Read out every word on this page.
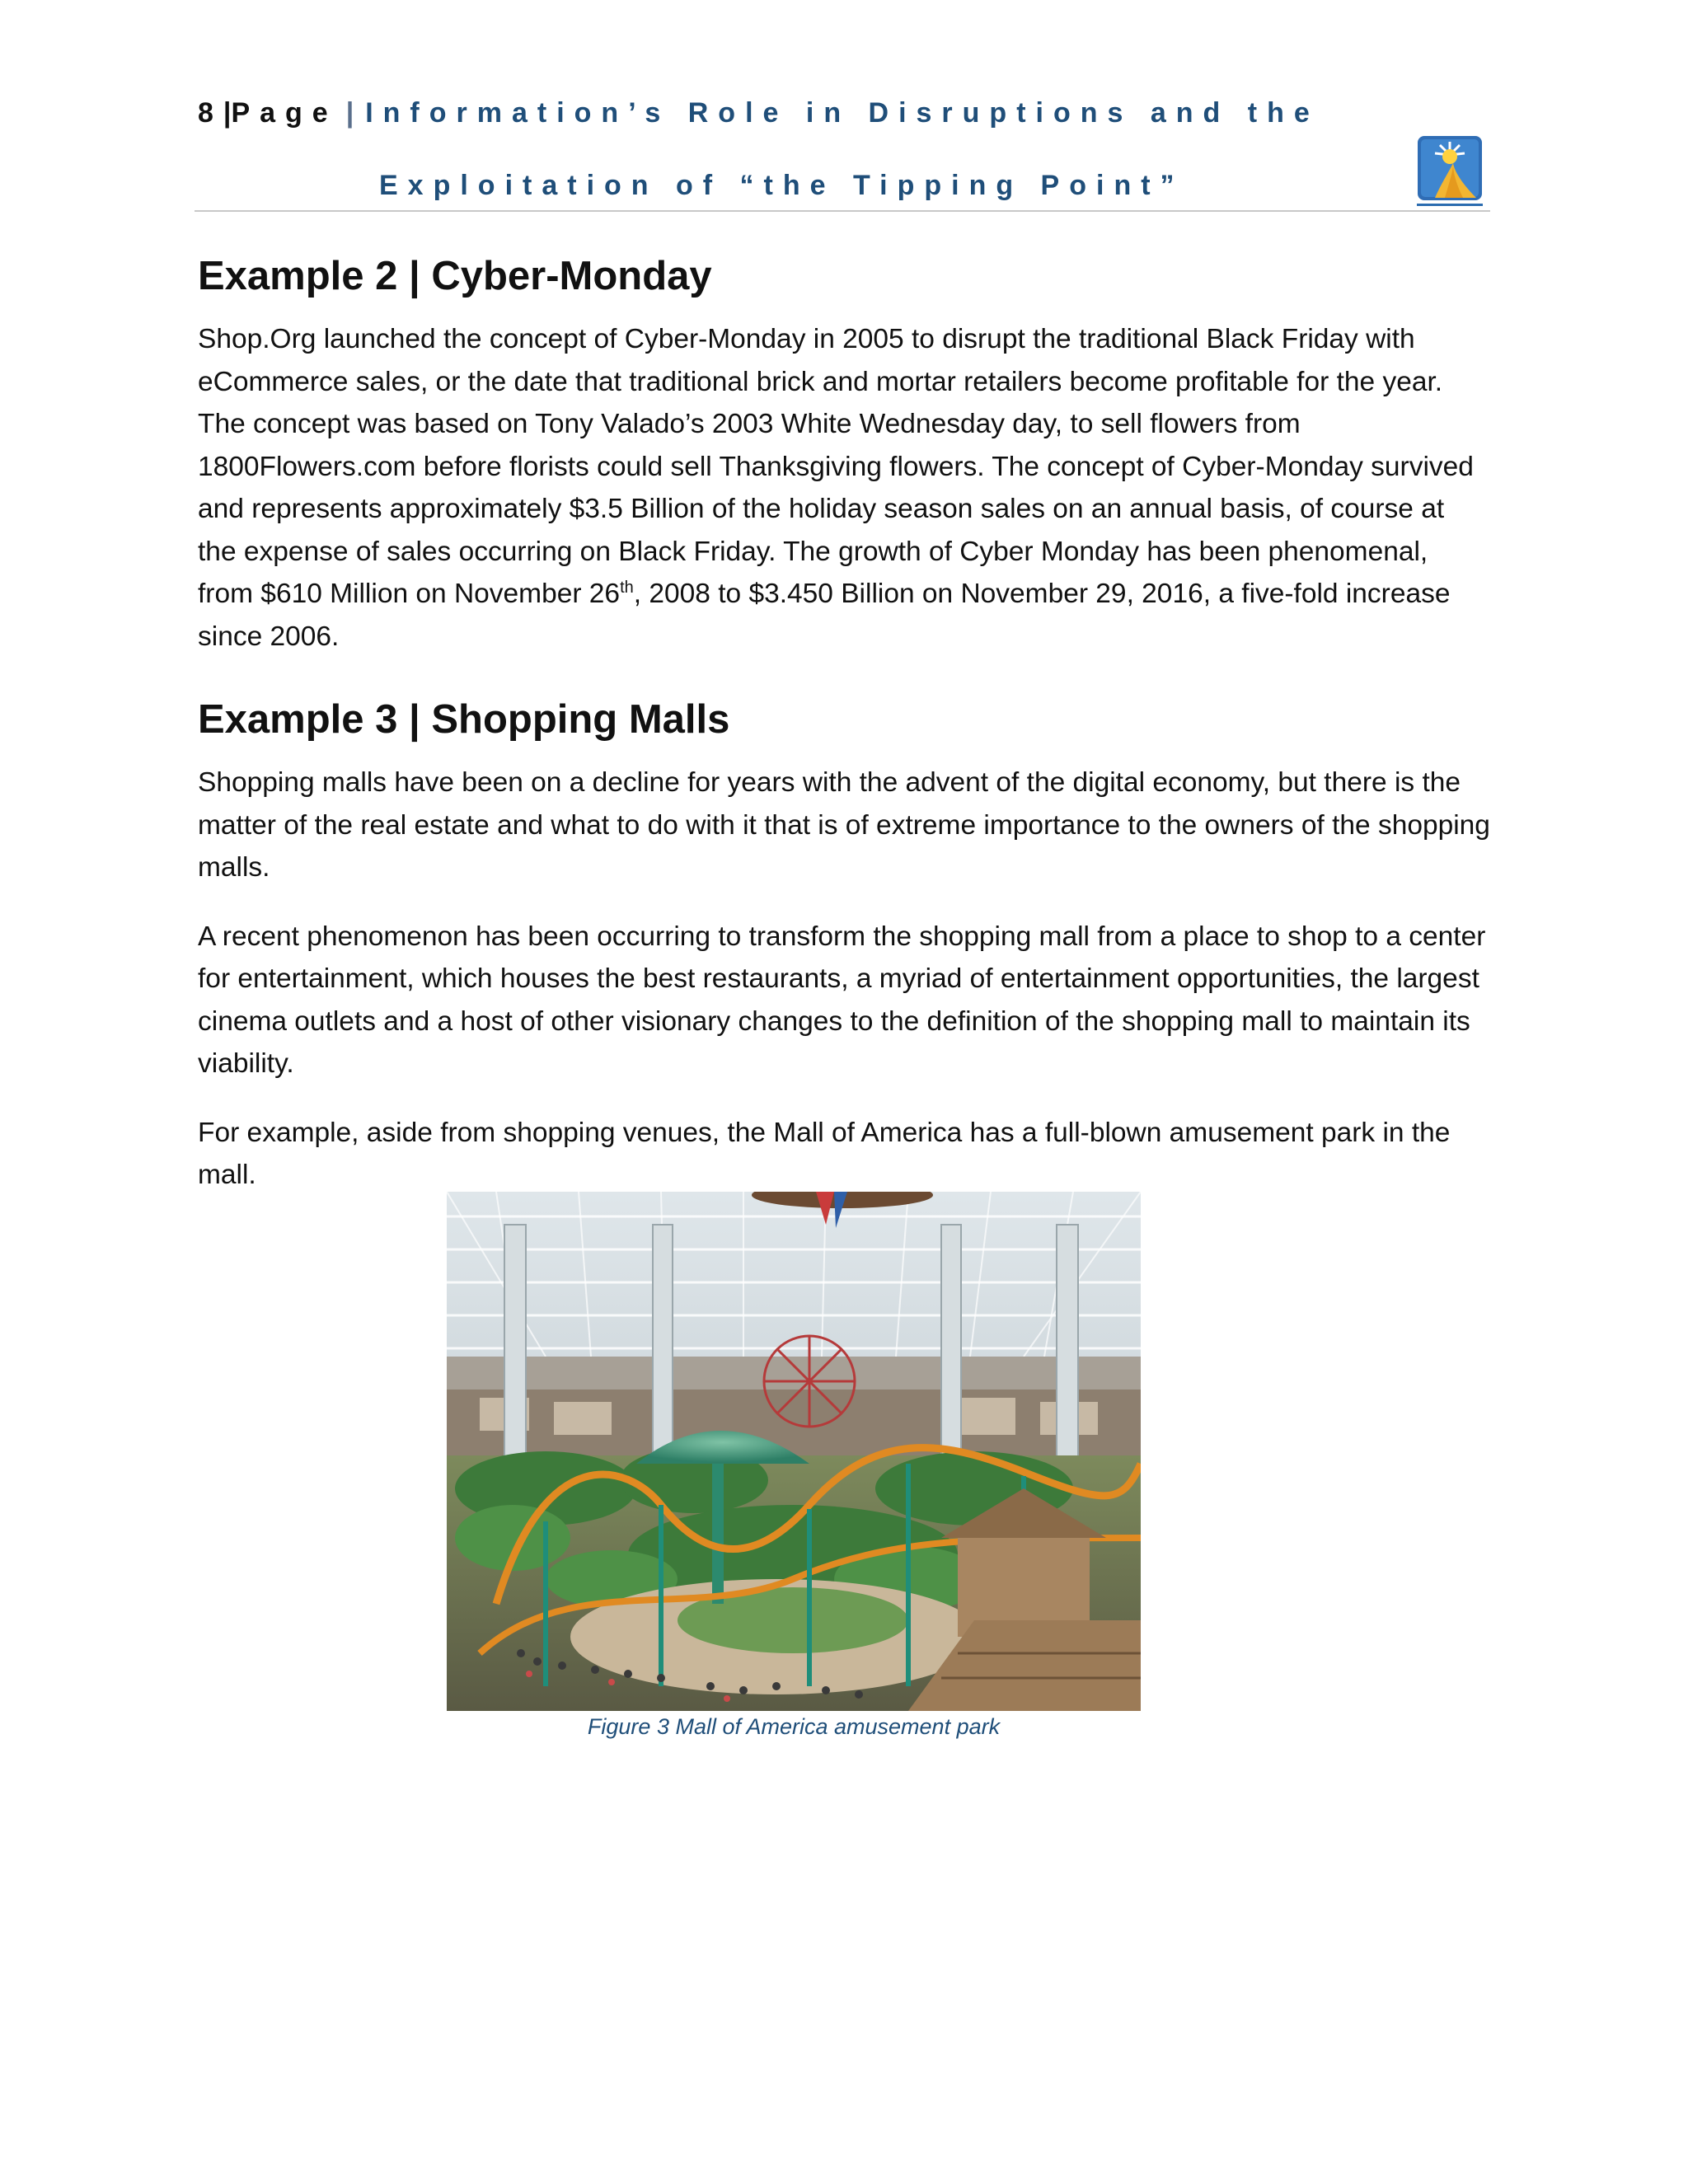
8|Page | Information’s Role in Disruptions and the
Exploitation of “the Tipping Point”
Example 2 | Cyber-Monday

Shop.Org launched the concept of Cyber-Monday in 2005 to disrupt the traditional Black Friday with eCommerce sales, or the date that traditional brick and mortar retailers become profitable for the year. The concept was based on Tony Valado’s 2003 White Wednesday day, to sell flowers from 1800Flowers.com before florists could sell Thanksgiving flowers. The concept of Cyber-Monday survived and represents approximately $3.5 Billion of the holiday season sales on an annual basis, of course at the expense of sales occurring on Black Friday. The growth of Cyber Monday has been phenomenal, from $610 Million on November 26th, 2008 to $3.450 Billion on November 29, 2016, a five-fold increase since 2006.

Example 3 | Shopping Malls

Shopping malls have been on a decline for years with the advent of the digital economy, but there is the matter of the real estate and what to do with it that is of extreme importance to the owners of the shopping malls.

A recent phenomenon has been occurring to transform the shopping mall from a place to shop to a center for entertainment, which houses the best restaurants, a myriad of entertainment opportunities, the largest cinema outlets and a host of other visionary changes to the definition of the shopping mall to maintain its viability.

For example, aside from shopping venues, the Mall of America has a full-blown amusement park in the mall.

Figure 3 Mall of America amusement park
